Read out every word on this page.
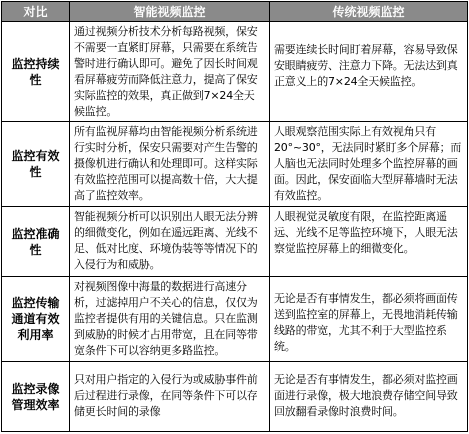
对比	智能视频监控	传统视频监控
监控持续性
通过视频分析技术分析每路视频，保安不需要一直紧盯屏幕，只需要在系统告警时进行确认即可。避免了因长时间观看屏幕疲劳而降低注意力，提高了保安实际监控的效果，真正做到7×24全天候监控。
需要连续长时间盯着屏幕，容易导致保安眼睛疲劳、注意力下降。无法达到真正意义上的7×24全天候监控。
监控有效性
所有监视屏幕均由智能视频分析系统进行实时分析，保安只需要对产生告警的摄像机进行确认和处理即可。这样实际有效监控范围可以提高数十倍，大大提高了监控效率。
人眼观察范围实际上有效视角只有20°~30°，无法同时紧盯多个屏幕；而人脑也无法同时处理多个监控屏幕的画面。因此，保安面临大型屏幕墙时无法有效监控。
监控准确性
智能视频分析可以识别出人眼无法分辨的细微变化，例如在遥远距离、光线不足、低对比度、环境伪装等等情况下的入侵行为和威胁。
人眼视觉灵敏度有限，在监控距离遥远、光线不足等监控环境下，人眼无法察觉监控屏幕上的细微变化。
监控传输通道有效利用率
对视频图像中海量的数据进行高速分析，过滤掉用户不关心的信息，仅仅为监控者提供有用的关键信息。只在监测到威胁的时候才占用带宽，且在同等带宽条件下可以容纳更多路监控。
无论是否有事情发生，都必须将画面传送到监控室的屏幕上，无畏地消耗传输线路的带宽，尤其不利于大型监控系统。
监控录像管理效率
只对用户指定的入侵行为或威胁事件前后过程进行录像，在同等条件下可以存储更长时间的录像
无论是否有事情发生，都必须对监控画面进行录像，极大地浪费存储空间导致回放翻看录像时浪费时间。
